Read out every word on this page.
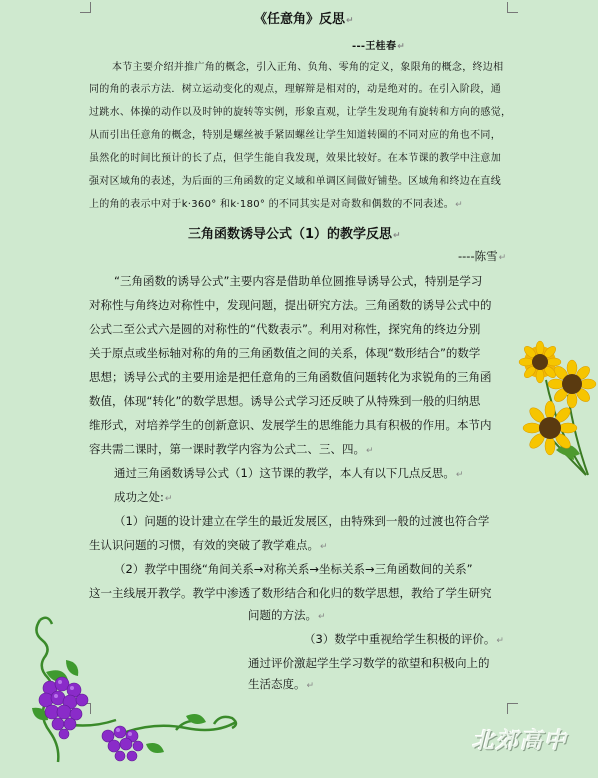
《任意角》反思↵
---王桂春↵
本节主要介绍并推广角的概念，引入正角、负角、零角的定义，象限角的概念，终边相
同的角的表示方法．树立运动变化的观点，理解辩是相对的，动是绝对的。在引入阶段，通
过跳水、体操的动作以及时钟的旋转等实例，形象直观，让学生发现角有旋转和方向的感觉，
从而引出任意角的概念，特别是螺丝被手紧固螺丝让学生知道转圈的不同对应的角也不同，
虽然化的时间比预计的长了点，但学生能自我发现，效果比较好。在本节课的教学中注意加
强对区域角的表述，为后面的三角函数的定义域和单调区间做好铺垫。区域角和终边在直线
上的角的表示中对于k·360° 和k·180° 的不同其实是对奇数和偶数的不同表述。↵
三角函数诱导公式（1）的教学反思↵
----陈雪↵
“三角函数的诱导公式”主要内容是借助单位圆推导诱导公式，特别是学习
对称性与角终边对称性中，发现问题，提出研究方法。三角函数的诱导公式中的
公式二至公式六是圆的对称性的“代数表示”。利用对称性，探究角的终边分别
关于原点或坐标轴对称的角的三角函数值之间的关系，体现“数形结合”的数学
思想；诱导公式的主要用途是把任意角的三角函数值问题转化为求锐角的三角函
数值，体现“转化”的数学思想。诱导公式学习还反映了从特殊到一般的归纳思
维形式，对培养学生的创新意识、发展学生的思维能力具有积极的作用。本节内
容共需二课时，第一课时教学内容为公式二、三、四。↵
通过三角函数诱导公式（1）这节课的教学，本人有以下几点反思。↵
成功之处:↵
（1）问题的设计建立在学生的最近发展区，由特殊到一般的过渡也符合学
生认识问题的习惯，有效的突破了教学难点。↵
（2）教学中围绕“角间关系→对称关系→坐标关系→三角函数间的关系”
这一主线展开教学。教学中渗透了数形结合和化归的数学思想，教给了学生研究
问题的方法。↵
（3）数学中重视给学生积极的评价。↵
通过评价激起学生学习数学的欲望和积极向上的
生活态度。↵
北郊高中
